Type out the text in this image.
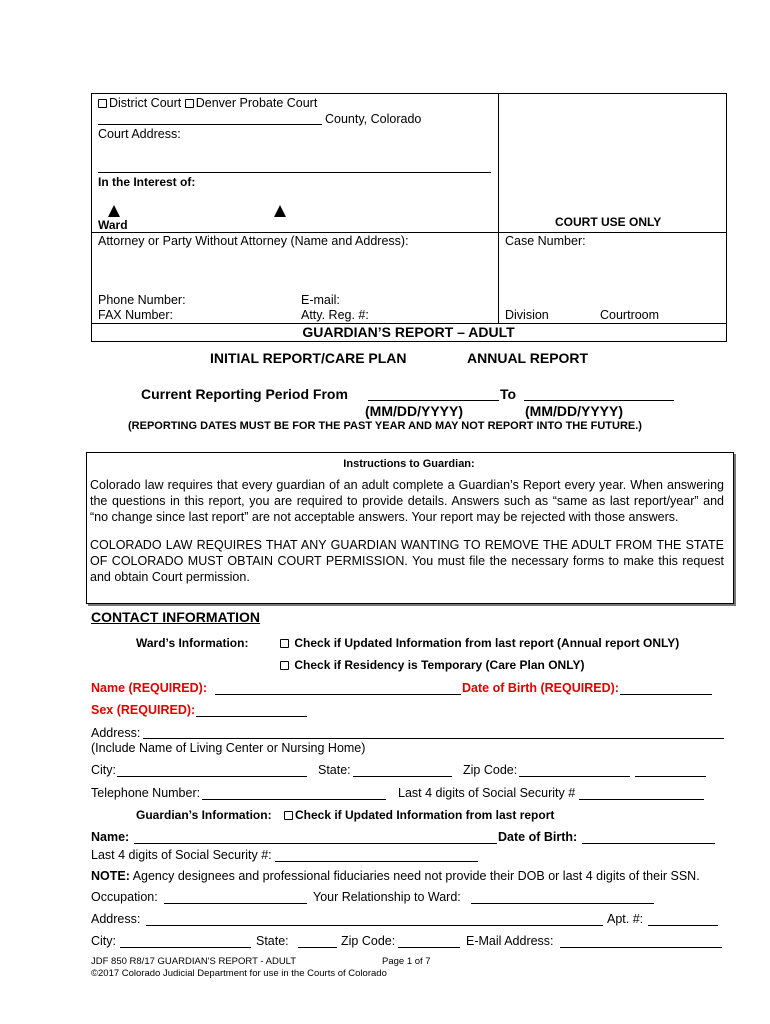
District Court Denver Probate Court
County, Colorado
Court Address:
In the Interest of:
Ward	COURT USE ONLY
Attorney or Party Without Attorney (Name and Address):	Case Number:
Phone Number:	E-mail:
FAX Number:	Atty. Reg. #:	Division	Courtroom
GUARDIAN’S REPORT – ADULT
INITIAL REPORT/CARE PLAN	ANNUAL REPORT
Current Reporting Period From	To
(MM/DD/YYYY)	(MM/DD/YYYY)
(REPORTING DATES MUST BE FOR THE PAST YEAR AND MAY NOT REPORT INTO THE FUTURE.)
Instructions to Guardian:
Colorado law requires that every guardian of an adult complete a Guardian’s Report every year. When answering the questions in this report, you are required to provide details. Answers such as “same as last report/year” and “no change since last report” are not acceptable answers. Your report may be rejected with those answers.
COLORADO LAW REQUIRES THAT ANY GUARDIAN WANTING TO REMOVE THE ADULT FROM THE STATE OF COLORADO MUST OBTAIN COURT PERMISSION. You must file the necessary forms to make this request and obtain Court permission.
CONTACT INFORMATION
Ward’s Information:	Check if Updated Information from last report (Annual report ONLY)
Check if Residency is Temporary (Care Plan ONLY)
Name (REQUIRED):	Date of Birth (REQUIRED):
Sex (REQUIRED):
Address:
(Include Name of Living Center or Nursing Home)
City:	State:	Zip Code:
Telephone Number:	Last 4 digits of Social Security #
Guardian’s Information:	Check if Updated Information from last report
Name:	Date of Birth:
Last 4 digits of Social Security #:
NOTE: Agency designees and professional fiduciaries need not provide their DOB or last 4 digits of their SSN.
Occupation:	Your Relationship to Ward:
Address:	Apt. #:
City:	State:	Zip Code:	E-Mail Address:
JDF 850 R8/17 GUARDIAN'S REPORT - ADULT	Page 1 of 7
©2017 Colorado Judicial Department for use in the Courts of Colorado
